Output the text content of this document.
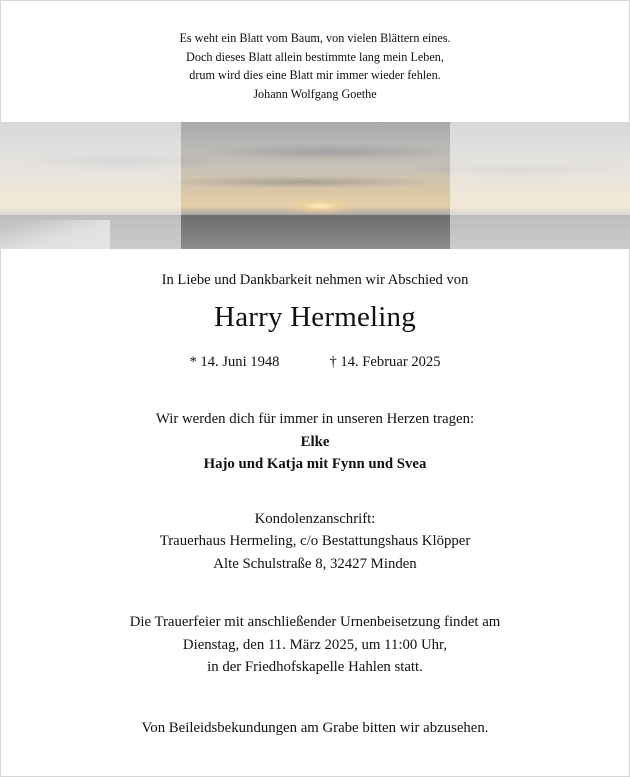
Es weht ein Blatt vom Baum, von vielen Blättern eines.
Doch dieses Blatt allein bestimmte lang mein Leben,
drum wird dies eine Blatt mir immer wieder fehlen.
Johann Wolfgang Goethe
In Liebe und Dankbarkeit nehmen wir Abschied von
Harry Hermeling
* 14. Juni 1948	† 14. Februar 2025
Wir werden dich für immer in unseren Herzen tragen:
Elke
Hajo und Katja mit Fynn und Svea
Kondolenzanschrift:
Trauerhaus Hermeling, c/o Bestattungshaus Klöpper
Alte Schulstraße 8, 32427 Minden
Die Trauerfeier mit anschließender Urnenbeisetzung findet am
Dienstag, den 11. März 2025, um 11:00 Uhr,
in der Friedhofskapelle Hahlen statt.
Von Beileidsbekundungen am Grabe bitten wir abzusehen.
